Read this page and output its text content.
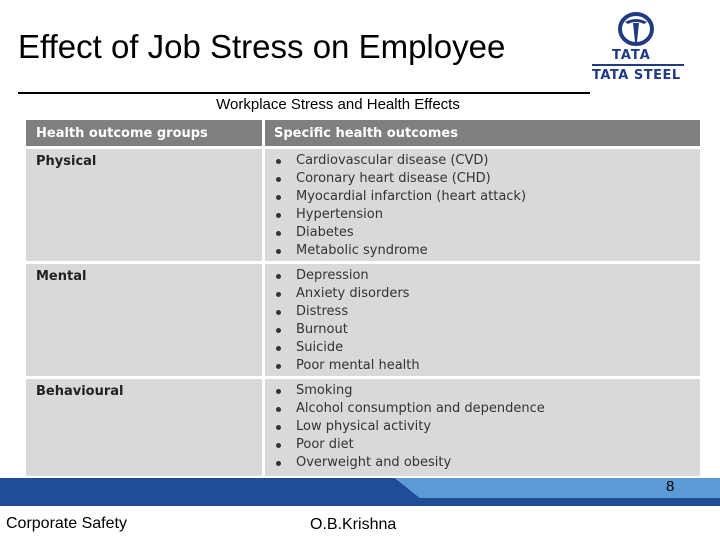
Effect of Job Stress on Employee	TATA
TATA STEEL
Workplace Stress and Health Effects
Health outcome groups	Specific health outcomes
Physical	Cardiovascular disease (CVD)
Coronary heart disease (CHD)
Myocardial infarction (heart attack)
Hypertension
Diabetes
Metabolic syndrome
Mental	Depression
Anxiety disorders
Distress
Burnout
Suicide
Poor mental health
Behavioural	Smoking
Alcohol consumption and dependence
Low physical activity
Poor diet
Overweight and obesity
Corporate Safety	O.B.Krishna
8
